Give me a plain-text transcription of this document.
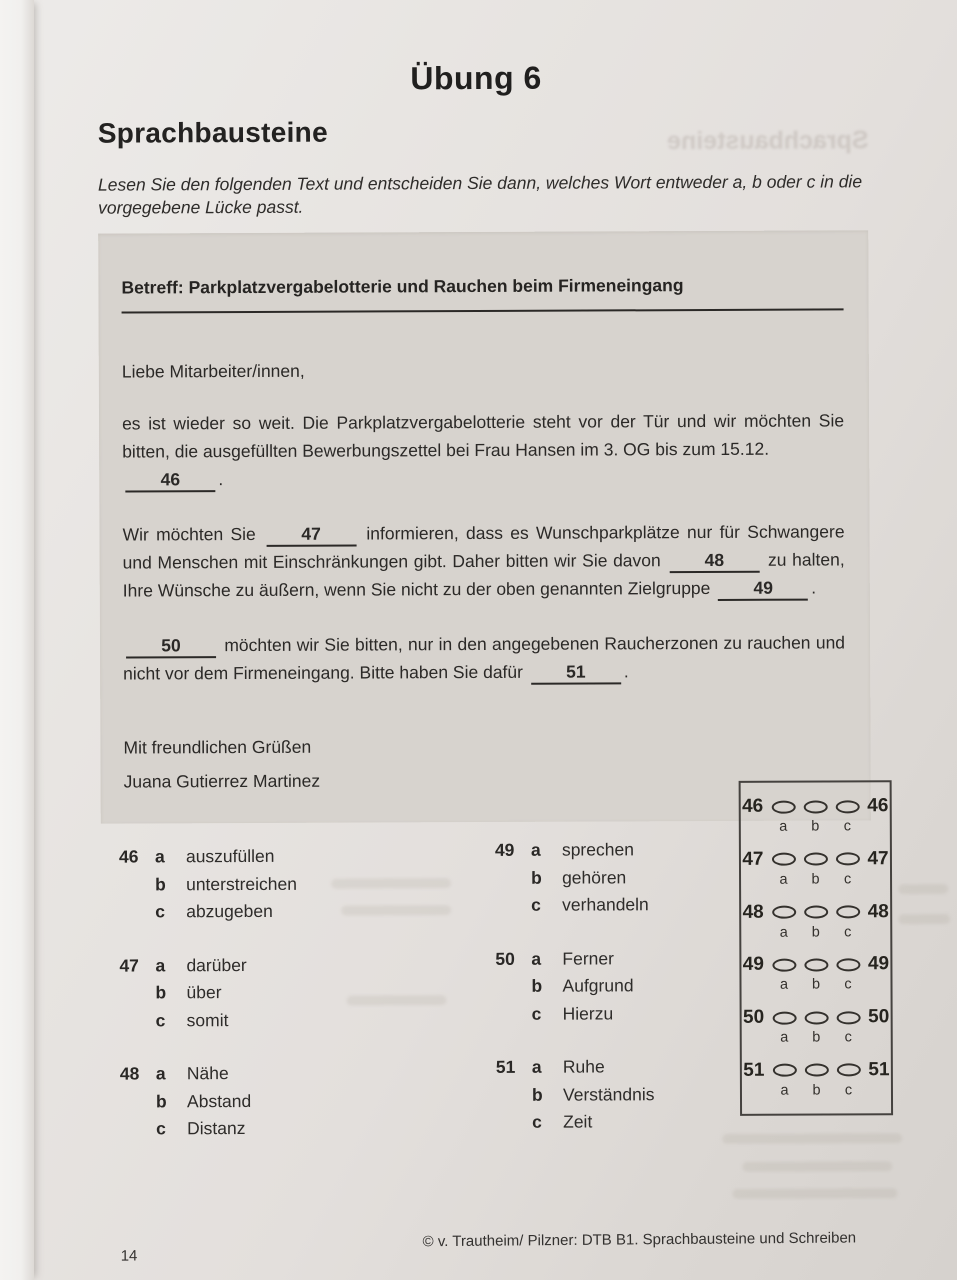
Sprachbausteine
Übung 6
Sprachbausteine
Lesen Sie den folgenden Text und entscheiden Sie dann, welches Wort entweder a, b oder c in die vorgegebene Lücke passt.
Betreff: Parkplatzvergabelotterie und Rauchen beim Firmeneingang
Liebe Mitarbeiter/innen,

es ist wieder so weit. Die Parkplatzvergabelotterie steht vor der Tür und wir möchten Sie bitten, die ausgefüllten Bewerbungszettel bei Frau Hansen im 3. OG bis zum 15.12.
46 .

Wir möchten Sie 47 informieren, dass es Wunschparkplätze nur für Schwangere und Menschen mit Einschränkungen gibt. Daher bitten wir Sie davon 48 zu halten, Ihre Wünsche zu äußern, wenn Sie nicht zu der oben genannten Zielgruppe 49 .

50 möchten wir Sie bitten, nur in den angegebenen Raucherzonen zu rauchen und nicht vor dem Firmeneingang. Bitte haben Sie dafür 51 .

Mit freundlichen Grüßen
Juana Gutierrez Martinez
46 a	auszufüllen
b	unterstreichen
c	abzugeben
47 a	darüber
b	über
c	somit
48 a	Nähe
b	Abstand
c	Distanz
49 a	sprechen
b	gehören
c	verhandeln
50 a	Ferner
b	Aufgrund
c	Hierzu
51 a	Ruhe
b	Verständnis
c	Zeit
46	46
a	b	c
47	47
a	b	c
48	48
a	b	c
49	49
a	b	c
50	50
a	b	c
51	51
a	b	c
© v. Trautheim/ Pilzner: DTB B1. Sprachbausteine und Schreiben
14
